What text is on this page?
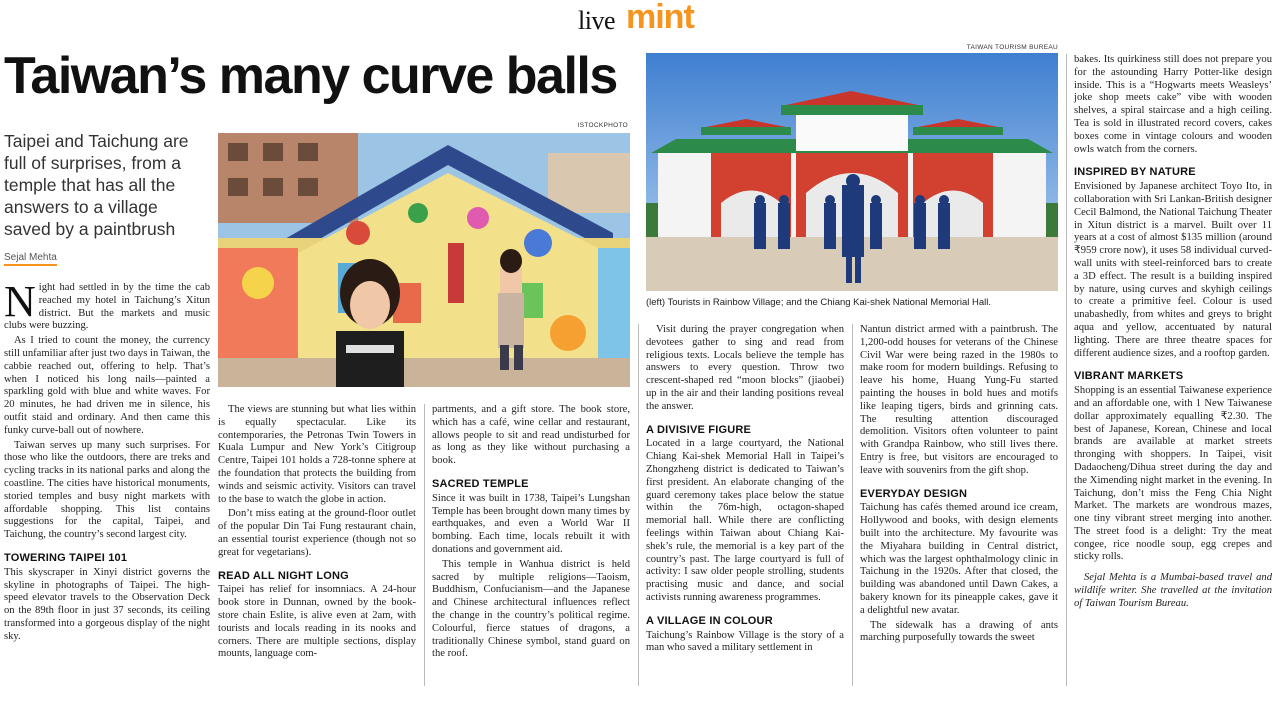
live mint
Taiwan’s many curve balls
Taipei and Taichung are full of surprises, from a temple that has all the answers to a village saved by a paintbrush
Sejal Mehta
ISTOCKPHOTO
TAIWAN TOURISM BUREAU
(left) Tourists in Rainbow Village; and the Chiang Kai-shek National Memorial Hall.

Night had settled in by the time the cab reached my hotel in Taichung’s Xitun district. But the markets and music clubs were buzzing.

As I tried to count the money, the currency still unfamiliar after just two days in Taiwan, the cabbie reached out, offering to help. That’s when I noticed his long nails—painted a sparkling gold with blue and white waves. For 20 minutes, he had driven me in silence, his outfit staid and ordinary. And then came this funky curve-ball out of nowhere.

Taiwan serves up many such surprises. For those who like the outdoors, there are treks and cycling tracks in its national parks and along the coastline. The cities have historical monuments, storied temples and busy night markets with affordable shopping. This list contains suggestions for the capital, Taipei, and Taichung, the country’s second largest city.

TOWERING TAIPEI 101

This skyscraper in Xinyi district governs the skyline in photographs of Taipei. The high-speed elevator travels to the Observation Deck on the 89th floor in just 37 seconds, its ceiling transformed into a gorgeous display of the night sky.

The views are stunning but what lies within is equally spectacular. Like its contemporaries, the Petronas Twin Towers in Kuala Lumpur and New York’s Citigroup Centre, Taipei 101 holds a 728-tonne sphere at the foundation that protects the building from winds and seismic activity. Visitors can travel to the base to watch the globe in action.

Don’t miss eating at the ground-floor outlet of the popular Din Tai Fung restaurant chain, an essential tourist experience (though not so great for vegetarians).

READ ALL NIGHT LONG

Taipei has relief for insomniacs. A 24-hour book store in Dunnan, owned by the book-store chain Eslite, is alive even at 2am, with tourists and locals reading in its nooks and corners. There are multiple sections, display mounts, language com-

partments, and a gift store. The book store, which has a café, wine cellar and restaurant, allows people to sit and read undisturbed for as long as they like without purchasing a book.

SACRED TEMPLE

Since it was built in 1738, Taipei’s Lungshan Temple has been brought down many times by earthquakes, and even a World War II bombing. Each time, locals rebuilt it with donations and government aid.

This temple in Wanhua district is held sacred by multiple religions—Taoism, Buddhism, Confucianism—and the Japanese and Chinese architectural influences reflect the change in the country’s political regime. Colourful, fierce statues of dragons, a traditionally Chinese symbol, stand guard on the roof.

Visit during the prayer congregation when devotees gather to sing and read from religious texts. Locals believe the temple has answers to every question. Throw two crescent-shaped red “moon blocks” (jiaobei) up in the air and their landing positions reveal the answer.

A DIVISIVE FIGURE

Located in a large courtyard, the National Chiang Kai-shek Memorial Hall in Taipei’s Zhongzheng district is dedicated to Taiwan’s first president. An elaborate changing of the guard ceremony takes place below the statue within the 76m-high, octagon-shaped memorial hall. While there are conflicting feelings within Taiwan about Chiang Kai-shek’s rule, the memorial is a key part of the country’s past. The large courtyard is full of activity: I saw older people strolling, students practising music and dance, and social activists running awareness programmes.

A VILLAGE IN COLOUR

Taichung’s Rainbow Village is the story of a man who saved a military settlement in

Nantun district armed with a paintbrush. The 1,200-odd houses for veterans of the Chinese Civil War were being razed in the 1980s to make room for modern buildings. Refusing to leave his home, Huang Yung-Fu started painting the houses in bold hues and motifs like leaping tigers, birds and grinning cats. The resulting attention discouraged demolition. Visitors often volunteer to paint with Grandpa Rainbow, who still lives there. Entry is free, but visitors are encouraged to leave with souvenirs from the gift shop.

EVERYDAY DESIGN

Taichung has cafés themed around ice cream, Hollywood and books, with design elements built into the architecture. My favourite was the Miyahara building in Central district, which was the largest ophthalmology clinic in Taichung in the 1920s. After that closed, the building was abandoned until Dawn Cakes, a bakery known for its pineapple cakes, gave it a delightful new avatar.

The sidewalk has a drawing of ants marching purposefully towards the sweet

bakes. Its quirkiness still does not prepare you for the astounding Harry Potter-like design inside. This is a “Hogwarts meets Weasleys’ joke shop meets cake” vibe with wooden shelves, a spiral staircase and a high ceiling. Tea is sold in illustrated record covers, cakes boxes come in vintage colours and wooden owls watch from the corners.

INSPIRED BY NATURE

Envisioned by Japanese architect Toyo Ito, in collaboration with Sri Lankan-British designer Cecil Balmond, the National Taichung Theater in Xitun district is a marvel. Built over 11 years at a cost of almost $135 million (around ₹959 crore now), it uses 58 individual curved-wall units with steel-reinforced bars to create a 3D effect. The result is a building inspired by nature, using curves and skyhigh ceilings to create a primitive feel. Colour is used unabashedly, from whites and greys to bright aqua and yellow, accentuated by natural lighting. There are three theatre spaces for different audience sizes, and a rooftop garden.

VIBRANT MARKETS

Shopping is an essential Taiwanese experience and an affordable one, with 1 New Taiwanese dollar approximately equalling ₹2.30. The best of Japanese, Korean, Chinese and local brands are available at market streets thronging with shoppers. In Taipei, visit Dadaocheng/Dihua street during the day and the Ximending night market in the evening. In Taichung, don’t miss the Feng Chia Night Market. The markets are wondrous mazes, one tiny vibrant street merging into another. The street food is a delight: Try the meat congee, rice noodle soup, egg crepes and sticky rolls.

Sejal Mehta is a Mumbai-based travel and wildlife writer. She travelled at the invitation of Taiwan Tourism Bureau.
